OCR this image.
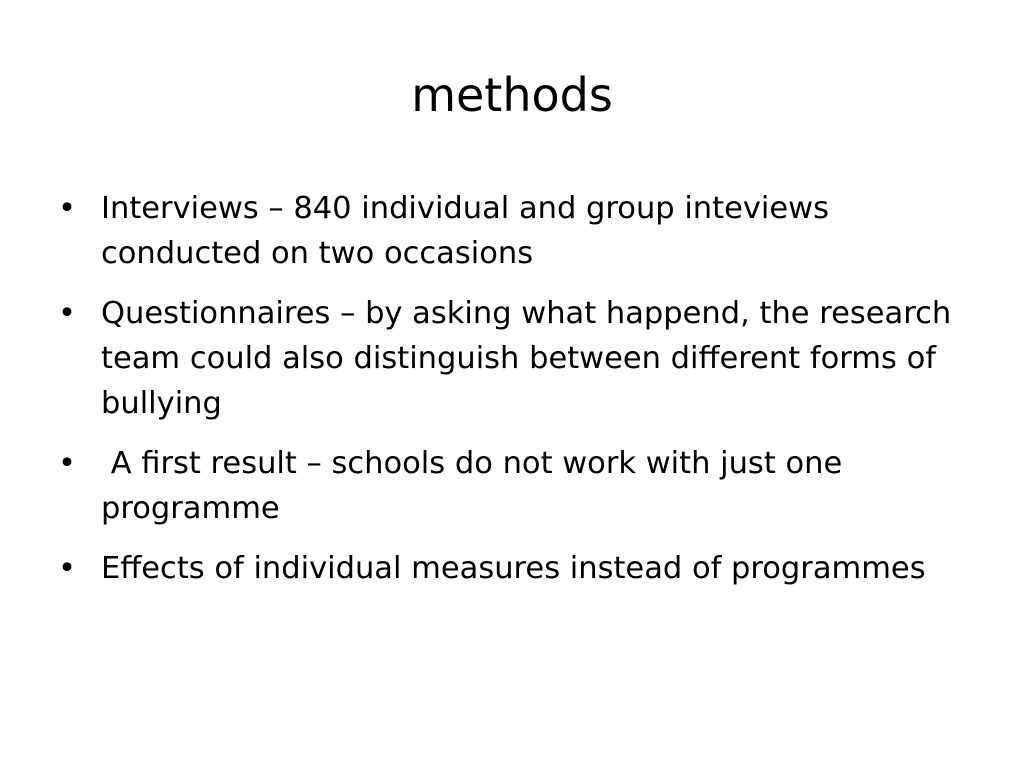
methods
• Interviews – 840 individual and group inteviews conducted on two occasions
• Questionnaires – by asking what happend, the research team could also distinguish between different forms of bullying
• A first result – schools do not work with just one programme
• Effects of individual measures instead of programmes
